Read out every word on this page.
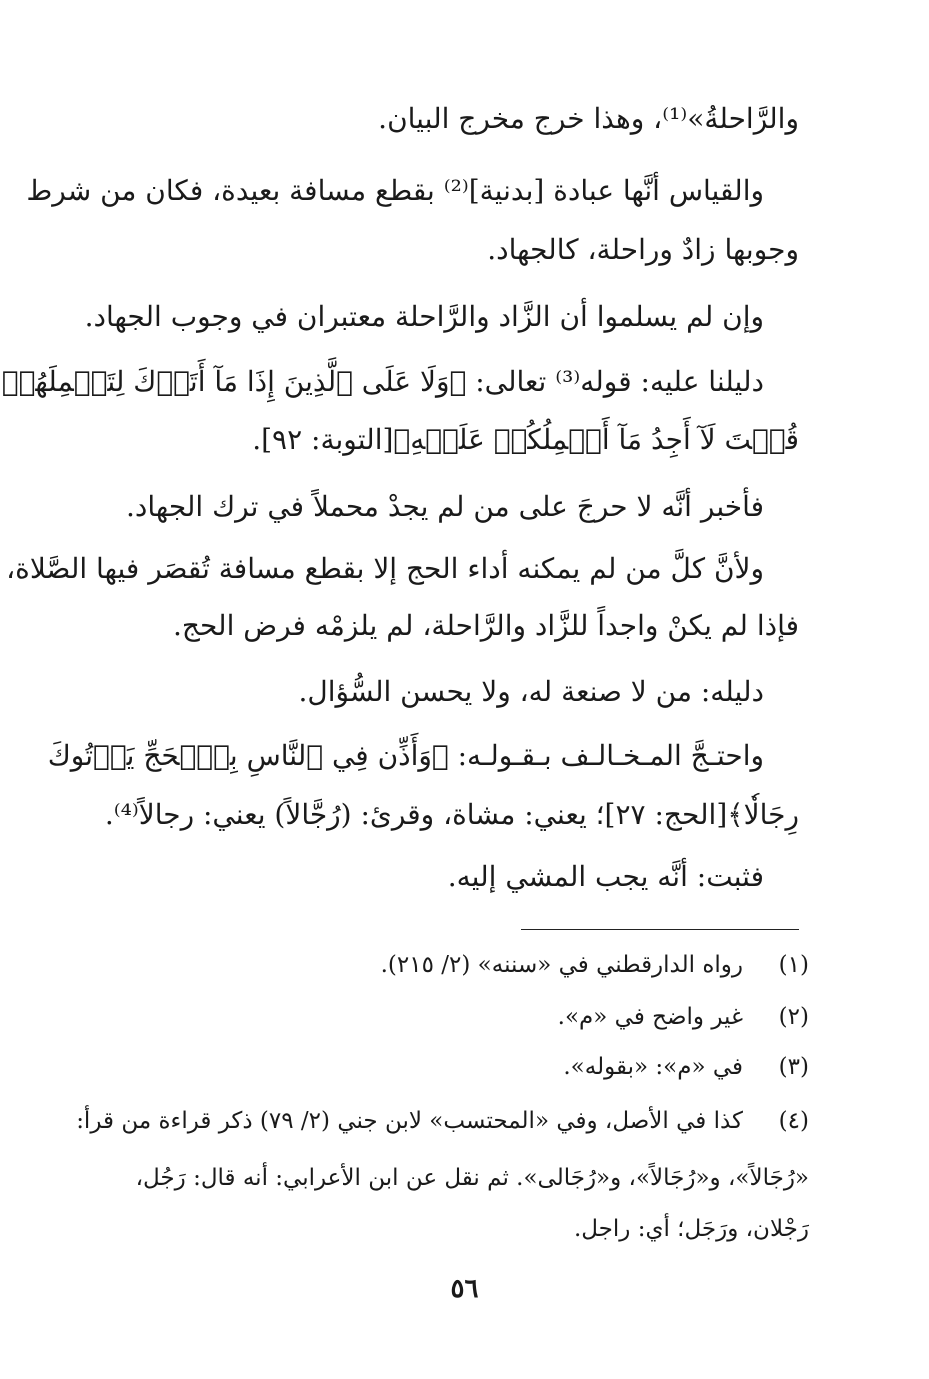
والرَّاحلةُ»⁽¹⁾، وهذا خرج مخرج البيان.
والقياس أنَّها عبادة [بدنية]⁽²⁾ بقطع مسافة بعيدة، فكان من شرط
وجوبها زادٌ وراحلة، كالجهاد.
وإن لم يسلموا أن الزَّاد والرَّاحلة معتبران في وجوب الجهاد.
دليلنا عليه: قوله⁽³⁾ تعالى: ﴿وَلَا عَلَى ٱلَّذِينَ إِذَا مَآ أَتَوۡكَ لِتَحۡمِلَهُمۡ
قُلۡتَ لَآ أَجِدُ مَآ أَحۡمِلُكُمۡ عَلَيۡهِ﴾[التوبة: ٩٢].
فأخبر أنَّه لا حرجَ على من لم يجدْ محملاً في ترك الجهاد.
ولأنَّ كلَّ من لم يمكنه أداء الحج إلا بقطع مسافة تُقصَر فيها الصَّلاة،
فإذا لم يكنْ واجداً للزَّاد والرَّاحلة، لم يلزمْه فرض الحج.
دليله: من لا صنعة له، ولا يحسن السُّؤال.
واحتـجَّ المـخـالـف بـقـولـه: ﴿وَأَذِّن فِي ٱلنَّاسِ بِٱلۡحَجِّ يَأۡتُوكَ
رِجَالٗا﴾[الحج: ٢٧]؛ يعني: مشاة، وقرئ: (رُجَّالاً) يعني: رجالاً⁽⁴⁾.
فثبت: أنَّه يجب المشي إليه.
(١)رواه الدارقطني في «سننه» (٢/ ٢١٥).
(٢)غير واضح في «م».
(٣)في «م»: «بقوله».
(٤)كذا في الأصل، وفي «المحتسب» لابن جني (٢/ ٧٩) ذكر قراءة من قرأ:
«رُجَالاً»، و«رُجَالاً»، و«رُجَالى». ثم نقل عن ابن الأعرابي: أنه قال: رَجُل،
رَجْلان، ورَجَل؛ أي: راجل.
٥٦
